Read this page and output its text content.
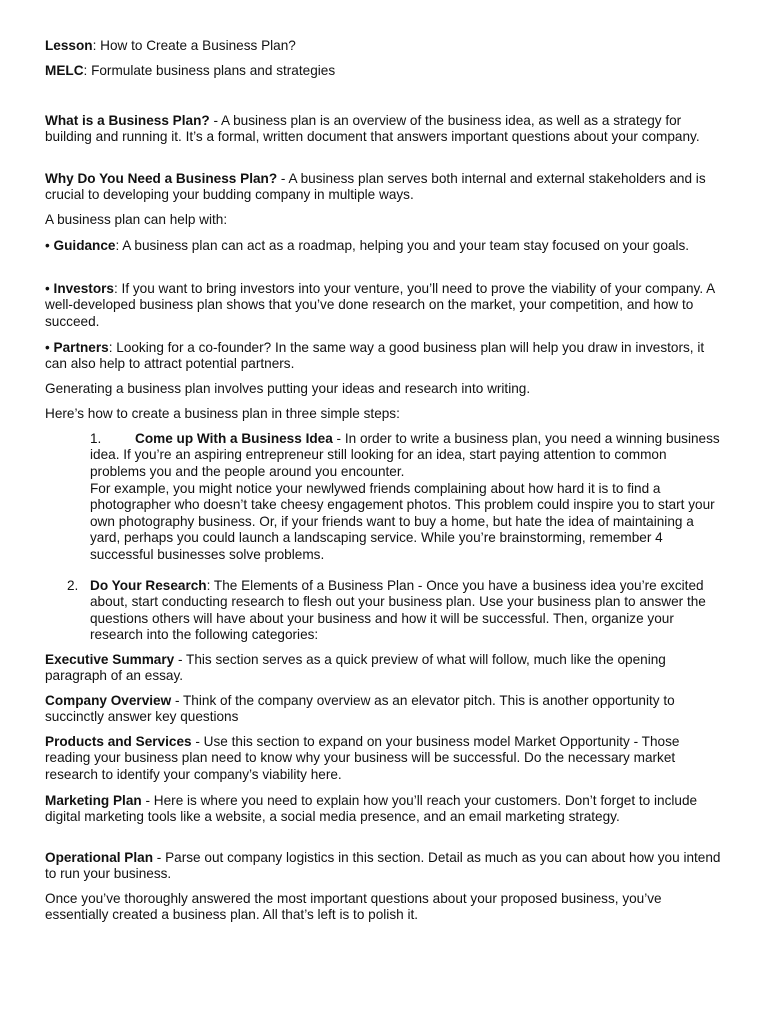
Lesson: How to Create a Business Plan?

MELC: Formulate business plans and strategies

What is a Business Plan? - A business plan is an overview of the business idea, as well as a strategy for building and running it. It’s a formal, written document that answers important questions about your company.

Why Do You Need a Business Plan? - A business plan serves both internal and external stakeholders and is crucial to developing your budding company in multiple ways.

A business plan can help with:

• Guidance: A business plan can act as a roadmap, helping you and your team stay focused on your goals.

• Investors: If you want to bring investors into your venture, you’ll need to prove the viability of your company. A well-developed business plan shows that you’ve done research on the market, your competition, and how to succeed.

• Partners: Looking for a co-founder? In the same way a good business plan will help you draw in investors, it can also help to attract potential partners.

Generating a business plan involves putting your ideas and research into writing.

Here’s how to create a business plan in three simple steps:

1.	Come up With a Business Idea - In order to write a business plan, you need a winning business idea. If you’re an aspiring entrepreneur still looking for an idea, start paying attention to common problems you and the people around you encounter.

For example, you might notice your newlywed friends complaining about how hard it is to find a photographer who doesn’t take cheesy engagement photos. This problem could inspire you to start your own photography business. Or, if your friends want to buy a home, but hate the idea of maintaining a yard, perhaps you could launch a landscaping service. While you’re brainstorming, remember 4 successful businesses solve problems.

2. Do Your Research: The Elements of a Business Plan - Once you have a business idea you’re excited about, start conducting research to flesh out your business plan. Use your business plan to answer the questions others will have about your business and how it will be successful. Then, organize your research into the following categories:

Executive Summary - This section serves as a quick preview of what will follow, much like the opening paragraph of an essay.

Company Overview - Think of the company overview as an elevator pitch. This is another opportunity to succinctly answer key questions

Products and Services - Use this section to expand on your business model Market Opportunity - Those reading your business plan need to know why your business will be successful. Do the necessary market research to identify your company’s viability here.

Marketing Plan - Here is where you need to explain how you’ll reach your customers. Don’t forget to include digital marketing tools like a website, a social media presence, and an email marketing strategy.

Operational Plan - Parse out company logistics in this section. Detail as much as you can about how you intend to run your business.

Once you’ve thoroughly answered the most important questions about your proposed business, you’ve essentially created a business plan. All that’s left is to polish it.
